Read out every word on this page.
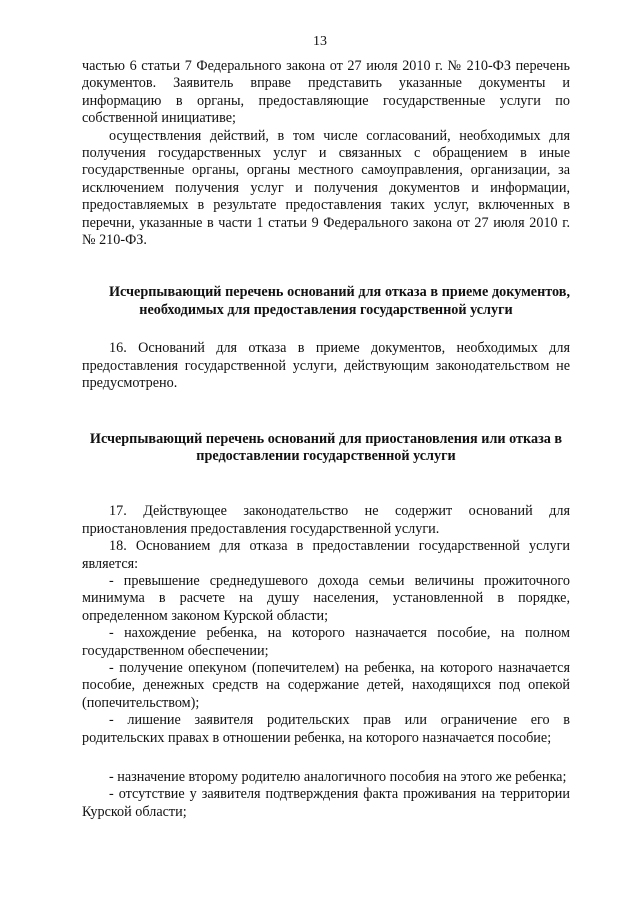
13

частью 6 статьи 7 Федерального закона от 27 июля 2010 г. № 210-ФЗ перечень документов. Заявитель вправе представить указанные документы и информацию в органы, предоставляющие государственные услуги по собственной инициативе;

осуществления действий, в том числе согласований, необходимых для получения государственных услуг и связанных с обращением в иные государственные органы, органы местного самоуправления, организации, за исключением получения услуг и получения документов и информации, предоставляемых в результате предоставления таких услуг, включенных в перечни, указанные в части 1 статьи 9 Федерального закона от 27 июля 2010 г. № 210-ФЗ.

Исчерпывающий перечень оснований для отказа в приеме документов, необходимых для предоставления государственной услуги

16. Оснований для отказа в приеме документов, необходимых для предоставления государственной услуги, действующим законодательством не предусмотрено.

Исчерпывающий перечень оснований для приостановления или отказа в предоставлении государственной услуги

17. Действующее законодательство не содержит оснований для приостановления предоставления государственной услуги.

18. Основанием для отказа в предоставлении государственной услуги является:

- превышение среднедушевого дохода семьи величины прожиточного минимума в расчете на душу населения, установленной в порядке, определенном законом Курской области;

- нахождение ребенка, на которого назначается пособие, на полном государственном обеспечении;

- получение опекуном (попечителем) на ребенка, на которого назначается пособие, денежных средств на содержание детей, находящихся под опекой (попечительством);

- лишение заявителя родительских прав или ограничение его в родительских правах в отношении ребенка, на которого назначается пособие;

- назначение второму родителю аналогичного пособия на этого же ребенка;

- отсутствие у заявителя подтверждения факта проживания на территории Курской области;
